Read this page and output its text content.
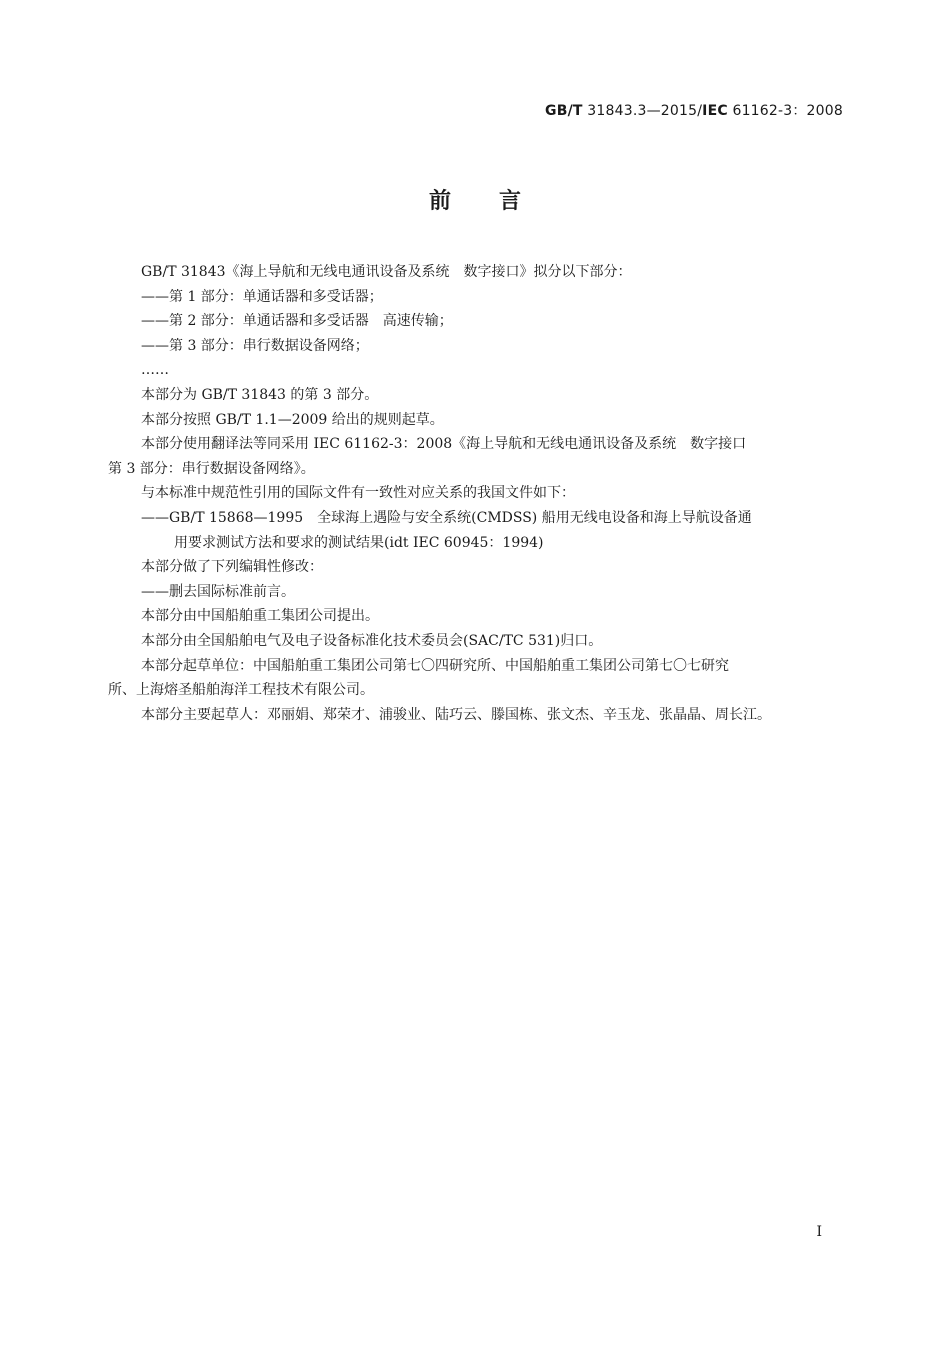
GB/T 31843.3—2015/IEC 61162-3：2008
前言

GB/T 31843《海上导航和无线电通讯设备及系统　数字接口》拟分以下部分：

——第 1 部分：单通话器和多受话器；

——第 2 部分：单通话器和多受话器　高速传输；

——第 3 部分：串行数据设备网络；

……

本部分为 GB/T 31843 的第 3 部分。

本部分按照 GB/T 1.1—2009 给出的规则起草。

本部分使用翻译法等同采用 IEC 61162-3：2008《海上导航和无线电通讯设备及系统　数字接口

第 3 部分：串行数据设备网络》。

与本标准中规范性引用的国际文件有一致性对应关系的我国文件如下：

——GB/T 15868—1995　全球海上遇险与安全系统(CMDSS) 船用无线电设备和海上导航设备通

用要求测试方法和要求的测试结果(idt IEC 60945：1994)

本部分做了下列编辑性修改：

——删去国际标准前言。

本部分由中国船舶重工集团公司提出。

本部分由全国船舶电气及电子设备标准化技术委员会(SAC/TC 531)归口。

本部分起草单位：中国船舶重工集团公司第七〇四研究所、中国船舶重工集团公司第七〇七研究

所、上海熔圣船舶海洋工程技术有限公司。

本部分主要起草人：邓丽娟、郑荣才、浦骏业、陆巧云、滕国栋、张文杰、辛玉龙、张晶晶、周长江。

I
